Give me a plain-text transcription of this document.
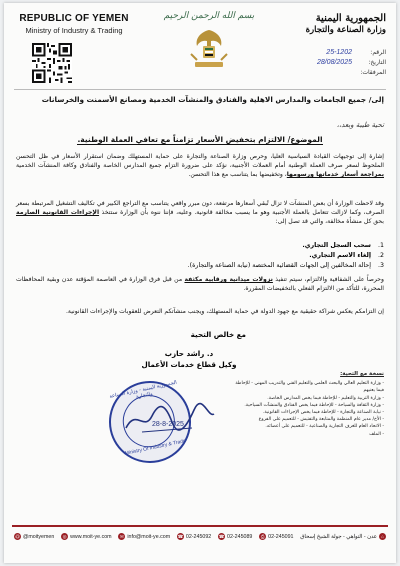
REPUBLIC OF YEMEN
Ministry of Industry & Trading
بسم الله الرحمن الرحيم	الجمهورية اليمنية
وزارة الصناعة والتجارة
الرقم:
25-1202
التاريخ:
28/08/2025
المرفقات:
إلى/ جميع الجامعات والمدارس الاهلية والفنادق والمنشآت الخدمية ومصانع الأسمنت والخرسانات
تحية طيبة وبعد،،
الموضوع/ الالتزام بتخفيض الأسعار تزامناً مع تعافي العملة الوطنية.
إشارة إلى توجيهات القيادة السياسية العليا، وحرص وزارة الصناعة والتجارة على حماية المستهلك وضمان استقرار الأسعار في ظل التحسن الملحوظ لسعر صرف العملة الوطنية أمام العملات الأجنبية، نؤكد على ضرورة التزام جميع المدارس الخاصة والفنادق وكافة المنشآت الخدمية بمراجعة أسعار خدماتها ورسومها، وتخفيضها بما يتناسب مع هذا التحسن.
وقد لاحظت الوزارة أن بعض المنشآت لا تزال تُبقي أسعارها مرتفعة، دون مبرر واقعي يتناسب مع التراجع الكبير في تكاليف التشغيل المرتبطة بسعر الصرف، وكما لازالت تتعامل بالعملة الأجنبية وهو ما يسبب مخالفة قانونية. وعليه، فإننا ننوه بأن الوزارة ستتخذ الإجراءات القانونية الصارمة بحق كل منشأة مخالفة، والتي قد تصل إلى:
1.
سحب السجل التجاري.
2.
إلغاء الاسم التجاري.
3.
إحالة المخالفين إلى الجهات القضائية المختصة (نيابة الصناعة والتجارة).
وحرصاً على الشفافية والالتزام، سيتم تنفيذ نزولات ميدانية ورقابية مكثفة من قبل فرق الوزارة في العاصمة المؤقتة عدن وبقية المحافظات المحررة، للتأكد من الالتزام الفعلي بالتخفيضات المقررة.
إن التزامكم يعكس شراكة حقيقية مع جهود الدولة في حماية المستهلك، ويجنب منشآتكم التعرض للعقوبات والإجراءات القانونية.
مع خالص التحية
د. راشد حازب
وكيل قطاع خدمات الأعمال
الجمهورية اليمنية - وزارة الصناعة والتجارة
Ministry Of Industry & Trade
28-8-2025
نسخة مع التحية:
- وزارة التعليم العالي والبحث العلمي والتعليم الفني والتدريب المهني - للإحاطة فيما يعنيهم
- وزارة التربية والتعليم - للإحاطة فيما يخص المدارس الخاصة.
- وزارة الثقافة والسياحة - للإحاطة فيما يخص الفنادق والمنشآت السياحية.
- نيابة الصناعة والتجارة - للإحاطة فيما يخص الإجراءات القانونية.
- الأخ/ مدير عام المنظمة والمتابعة والتفتيش - للتعميم على الفروع
- الاتحاد العام للغرف التجارية والصناعية - للتعميم على أعضائه.
- الملف
@ @moityemen	◎ www.moit-ye.com	✉ info@moit-ye.com ☎ 02-245092 ☎ 02-245089	⎙ 02-245091	⌂
عدن - التواهي - جولة الشيخ إسحاق
